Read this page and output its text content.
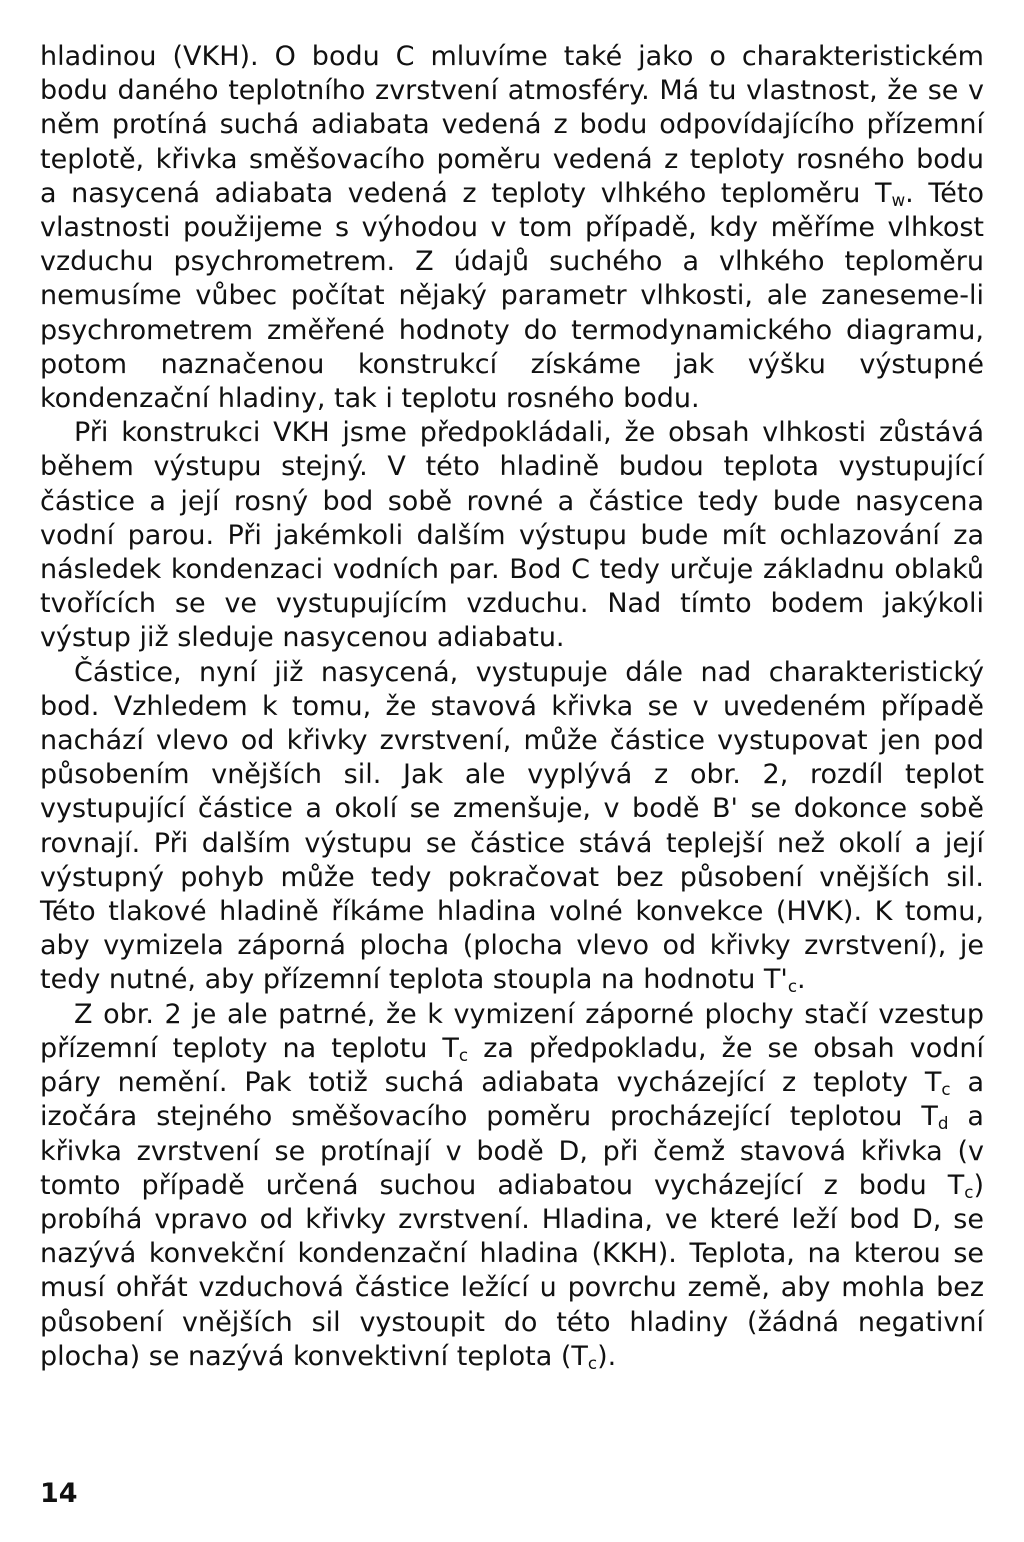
hladinou (VKH). O bodu C mluvíme také jako o charakteristickém bodu daného teplotního zvrstvení atmosféry. Má tu vlastnost, že se v něm protíná suchá adiabata vedená z bodu odpovídajícího přízemní teplotě, křivka směšovacího poměru vedená z teploty rosného bodu a nasycená adiabata vedená z teploty vlhkého teploměru $T_w$. Této vlastnosti použijeme s výhodou v tom případě, kdy měříme vlhkost vzduchu psychrometrem. Z údajů suchého a vlhkého teploměru nemusíme vůbec počítat nějaký parametr vlhkosti, ale zaneseme-li psychrometrem změřené hodnoty do termodynamického diagramu, potom naznačenou konstrukcí získáme jak výšku výstupné kondenzační hladiny, tak i teplotu rosného bodu.

Při konstrukci VKH jsme předpokládali, že obsah vlhkosti zůstává během výstupu stejný. V této hladině budou teplota vystupující částice a její rosný bod sobě rovné a částice tedy bude nasycena vodní parou. Při jakémkoli dalším výstupu bude mít ochlazování za následek kondenzaci vodních par. Bod C tedy určuje základnu oblaků tvořících se ve vystupujícím vzduchu. Nad tímto bodem jakýkoli výstup již sleduje nasycenou adiabatu.

Částice, nyní již nasycená, vystupuje dále nad charakteristický bod. Vzhledem k tomu, že stavová křivka se v uvedeném případě nachází vlevo od křivky zvrstvení, může částice vystupovat jen pod působením vnějších sil. Jak ale vyplývá z obr. 2, rozdíl teplot vystupující částice a okolí se zmenšuje, v bodě B' se dokonce sobě rovnají. Při dalším výstupu se částice stává teplejší než okolí a její výstupný pohyb může tedy pokračovat bez působení vnějších sil. Této tlakové hladině říkáme hladina volné konvekce (HVK). K tomu, aby vymizela záporná plocha (plocha vlevo od křivky zvrstvení), je tedy nutné, aby přízemní teplota stoupla na hodnotu $T'_c$.

Z obr. 2 je ale patrné, že k vymizení záporné plochy stačí vzestup přízemní teploty na teplotu $T_c$ za předpokladu, že se obsah vodní páry nemění. Pak totiž suchá adiabata vycházející z teploty $T_c$ a izočára stejného směšovacího poměru procházející teplotou $T_d$ a křivka zvrstvení se protínají v bodě D, při čemž stavová křivka (v tomto případě určená suchou adiabatou vycházející z bodu $T_c$) probíhá vpravo od křivky zvrstvení. Hladina, ve které leží bod D, se nazývá konvekční kondenzační hladina (KKH). Teplota, na kterou se musí ohřát vzduchová částice ležící u povrchu země, aby mohla bez působení vnějších sil vystoupit do této hladiny (žádná negativní plocha) se nazývá konvektivní teplota $(T_c)$.

14
